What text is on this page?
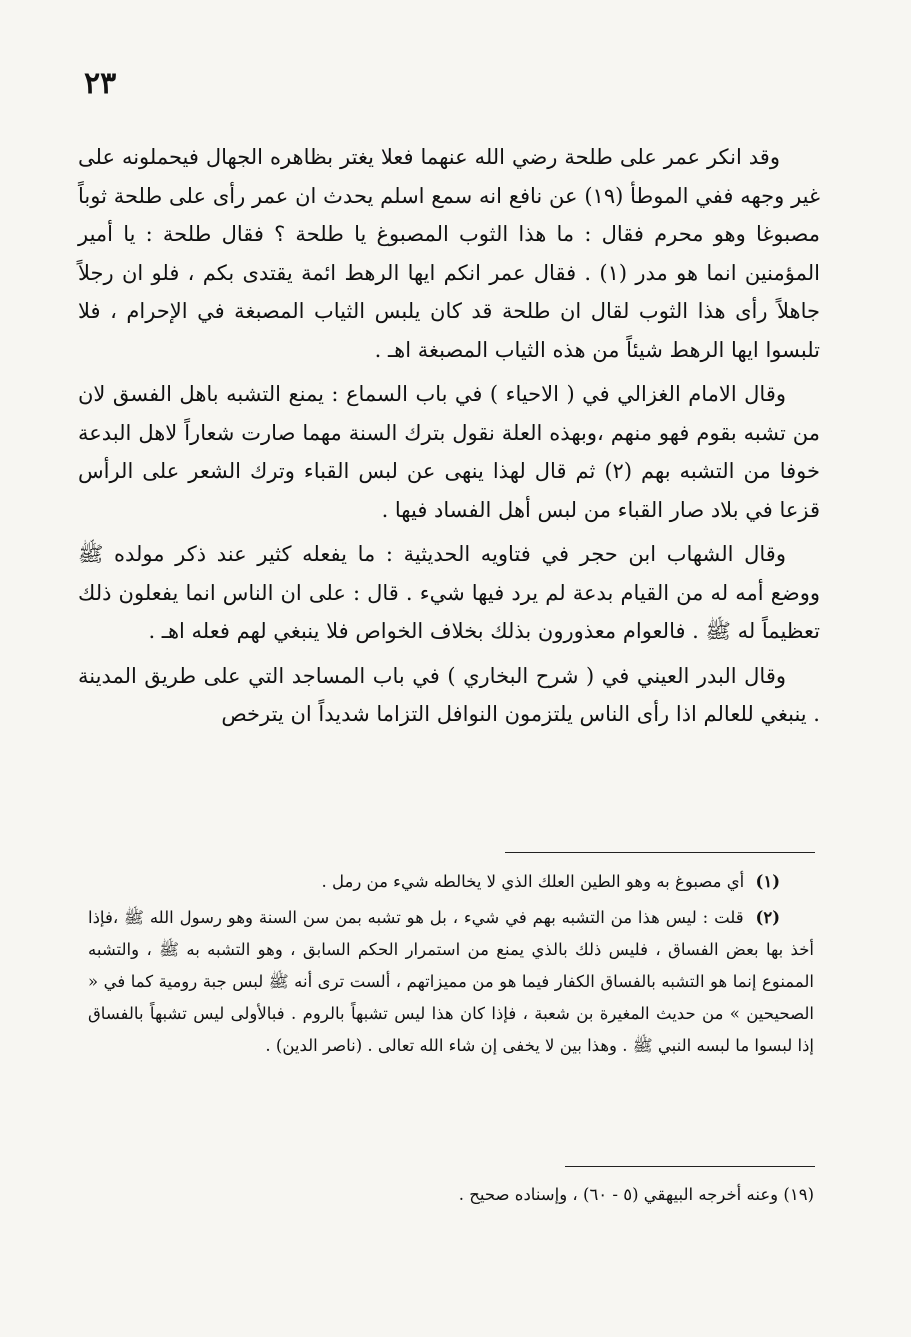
٢٣

وقد انكر عمر على طلحة رضي الله عنهما فعلا يغتر بظاهره الجهال فيحملونه على غير وجهه ففي الموطأ (١٩) عن نافع انه سمع اسلم يحدث ان عمر رأى على طلحة ثوباً مصبوغا وهو محرم فقال : ما هذا الثوب المصبوغ يا طلحة ؟ فقال طلحة : يا أمير المؤمنين انما هو مدر (١) . فقال عمر انكم ايها الرهط ائمة يقتدى بكم ، فلو ان رجلاً جاهلاً رأى هذا الثوب لقال ان طلحة قد كان يلبس الثياب المصبغة في الإحرام ، فلا تلبسوا ايها الرهط شيئاً من هذه الثياب المصبغة اهـ .

وقال الامام الغزالي في ( الاحياء ) في باب السماع : يمنع التشبه باهل الفسق لان من تشبه بقوم فهو منهم ،وبهذه العلة نقول بترك السنة مهما صارت شعاراً لاهل البدعة خوفا من التشبه بهم (٢) ثم قال لهذا ينهى عن لبس القباء وترك الشعر على الرأس قزعا في بلاد صار القباء من لبس أهل الفساد فيها .

وقال الشهاب ابن حجر في فتاويه الحديثية : ما يفعله كثير عند ذكر مولده ﷺ ووضع أمه له من القيام بدعة لم يرد فيها شيء . قال : على ان الناس انما يفعلون ذلك تعظيماً له ﷺ . فالعوام معذورون بذلك بخلاف الخواص فلا ينبغي لهم فعله اهـ .

وقال البدر العيني في ( شرح البخاري ) في باب المساجد التي على طريق المدينة . ينبغي للعالم اذا رأى الناس يلتزمون النوافل التزاما شديداً ان يترخص

(١) أي مصبوغ به وهو الطين العلك الذي لا يخالطه شيء من رمل .

(٢) قلت : ليس هذا من التشبه بهم في شيء ، بل هو تشبه بمن سن السنة وهو رسول الله ﷺ ،فإذا أخذ بها بعض الفساق ، فليس ذلك بالذي يمنع من استمرار الحكم السابق ، وهو التشبه به ﷺ ، والتشبه الممنوع إنما هو التشبه بالفساق الكفار فيما هو من مميزاتهم ، ألست ترى أنه ﷺ لبس جبة رومية كما في « الصحيحين » من حديث المغيرة بن شعبة ، فإذا كان هذا ليس تشبهاً بالروم . فبالأولى ليس تشبهاً بالفساق إذا لبسوا ما لبسه النبي ﷺ . وهذا بين لا يخفى إن شاء الله تعالى . (ناصر الدين) .

(١٩) وعنه أخرجه البيهقي (٥ - ٦٠) ، وإسناده صحيح .
